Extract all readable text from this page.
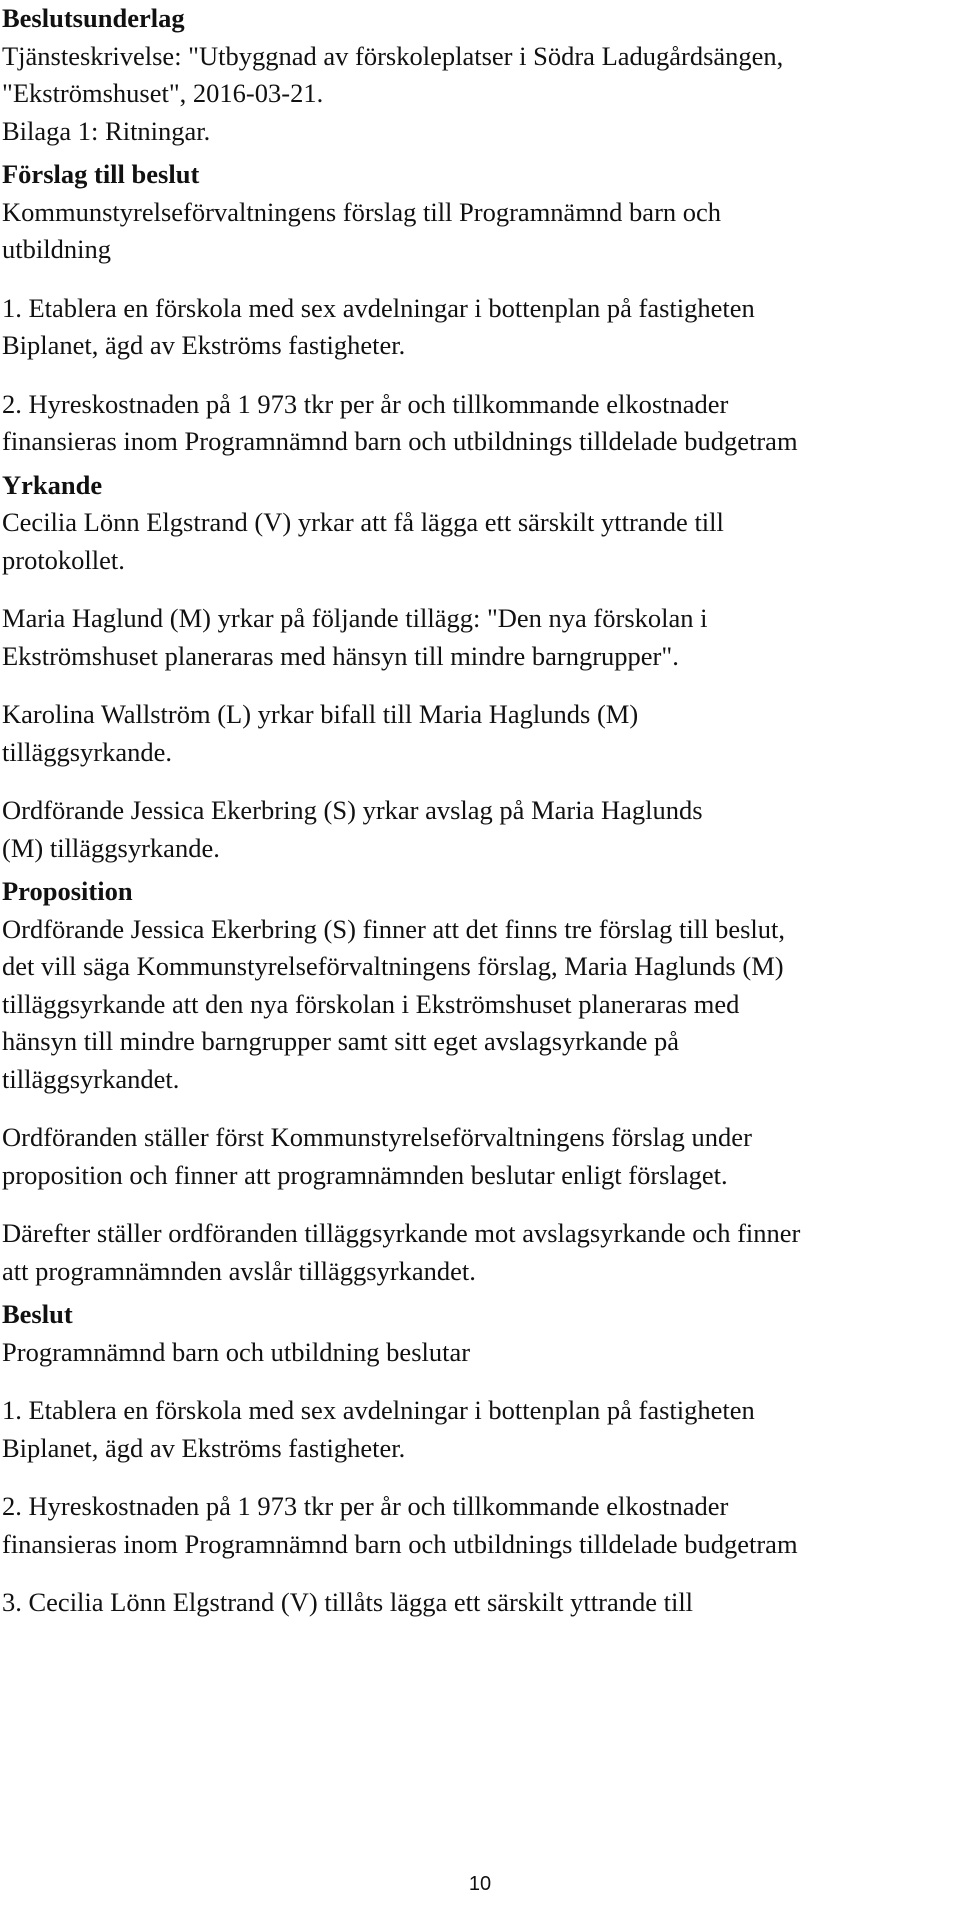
Beslutsunderlag
Tjänsteskrivelse: "Utbyggnad av förskoleplatser i Södra Ladugårdsängen,
"Ekströmshuset", 2016-03-21.
Bilaga 1: Ritningar.
Förslag till beslut
Kommunstyrelseförvaltningens förslag till Programnämnd barn och
utbildning
1. Etablera en förskola med sex avdelningar i bottenplan på fastigheten
Biplanet, ägd av Ekströms fastigheter.
2. Hyreskostnaden på 1 973 tkr per år och tillkommande elkostnader
finansieras inom Programnämnd barn och utbildnings tilldelade budgetram
Yrkande
Cecilia Lönn Elgstrand (V) yrkar att få lägga ett särskilt yttrande till
protokollet.
Maria Haglund (M) yrkar på följande tillägg: "Den nya förskolan i
Ekströmshuset planeraras med hänsyn till mindre barngrupper".
Karolina Wallström (L) yrkar bifall till Maria Haglunds (M)
tilläggsyrkande.
Ordförande Jessica Ekerbring (S) yrkar avslag på Maria Haglunds
(M) tilläggsyrkande.
Proposition
Ordförande Jessica Ekerbring (S) finner att det finns tre förslag till beslut,
det vill säga Kommunstyrelseförvaltningens förslag, Maria Haglunds (M)
tilläggsyrkande att den nya förskolan i Ekströmshuset planeraras med
hänsyn till mindre barngrupper samt sitt eget avslagsyrkande på
tilläggsyrkandet.
Ordföranden ställer först Kommunstyrelseförvaltningens förslag under
proposition och finner att programnämnden beslutar enligt förslaget.
Därefter ställer ordföranden tilläggsyrkande mot avslagsyrkande och finner
att programnämnden avslår tilläggsyrkandet.
Beslut
Programnämnd barn och utbildning beslutar
1. Etablera en förskola med sex avdelningar i bottenplan på fastigheten
Biplanet, ägd av Ekströms fastigheter.
2. Hyreskostnaden på 1 973 tkr per år och tillkommande elkostnader
finansieras inom Programnämnd barn och utbildnings tilldelade budgetram
3. Cecilia Lönn Elgstrand (V) tillåts lägga ett särskilt yttrande till
10
